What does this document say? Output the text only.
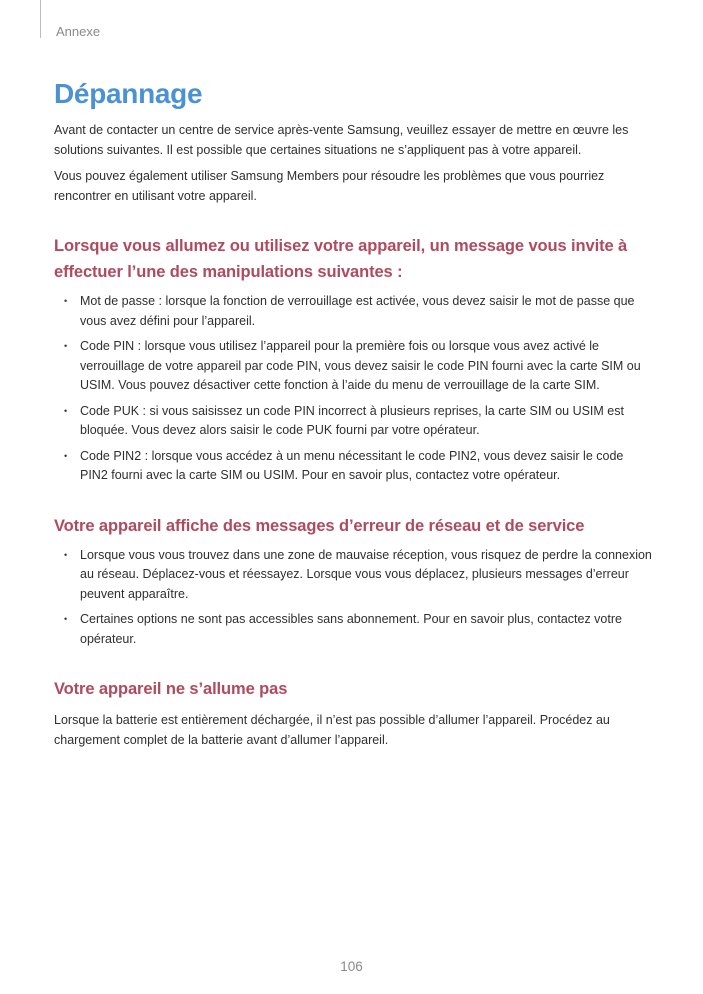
Annexe
Dépannage

Avant de contacter un centre de service après-vente Samsung, veuillez essayer de mettre en œuvre les solutions suivantes. Il est possible que certaines situations ne s’appliquent pas à votre appareil.

Vous pouvez également utiliser Samsung Members pour résoudre les problèmes que vous pourriez rencontrer en utilisant votre appareil.

Lorsque vous allumez ou utilisez votre appareil, un message vous invite à effectuer l’une des manipulations suivantes :
• Mot de passe : lorsque la fonction de verrouillage est activée, vous devez saisir le mot de passe que vous avez défini pour l’appareil.
• Code PIN : lorsque vous utilisez l’appareil pour la première fois ou lorsque vous avez activé le verrouillage de votre appareil par code PIN, vous devez saisir le code PIN fourni avec la carte SIM ou USIM. Vous pouvez désactiver cette fonction à l’aide du menu de verrouillage de la carte SIM.
• Code PUK : si vous saisissez un code PIN incorrect à plusieurs reprises, la carte SIM ou USIM est bloquée. Vous devez alors saisir le code PUK fourni par votre opérateur.
• Code PIN2 : lorsque vous accédez à un menu nécessitant le code PIN2, vous devez saisir le code PIN2 fourni avec la carte SIM ou USIM. Pour en savoir plus, contactez votre opérateur.
Votre appareil affiche des messages d’erreur de réseau et de service
• Lorsque vous vous trouvez dans une zone de mauvaise réception, vous risquez de perdre la connexion au réseau. Déplacez-vous et réessayez. Lorsque vous vous déplacez, plusieurs messages d’erreur peuvent apparaître.
• Certaines options ne sont pas accessibles sans abonnement. Pour en savoir plus, contactez votre opérateur.
Votre appareil ne s’allume pas

Lorsque la batterie est entièrement déchargée, il n’est pas possible d’allumer l’appareil. Procédez au chargement complet de la batterie avant d’allumer l’appareil.

106
